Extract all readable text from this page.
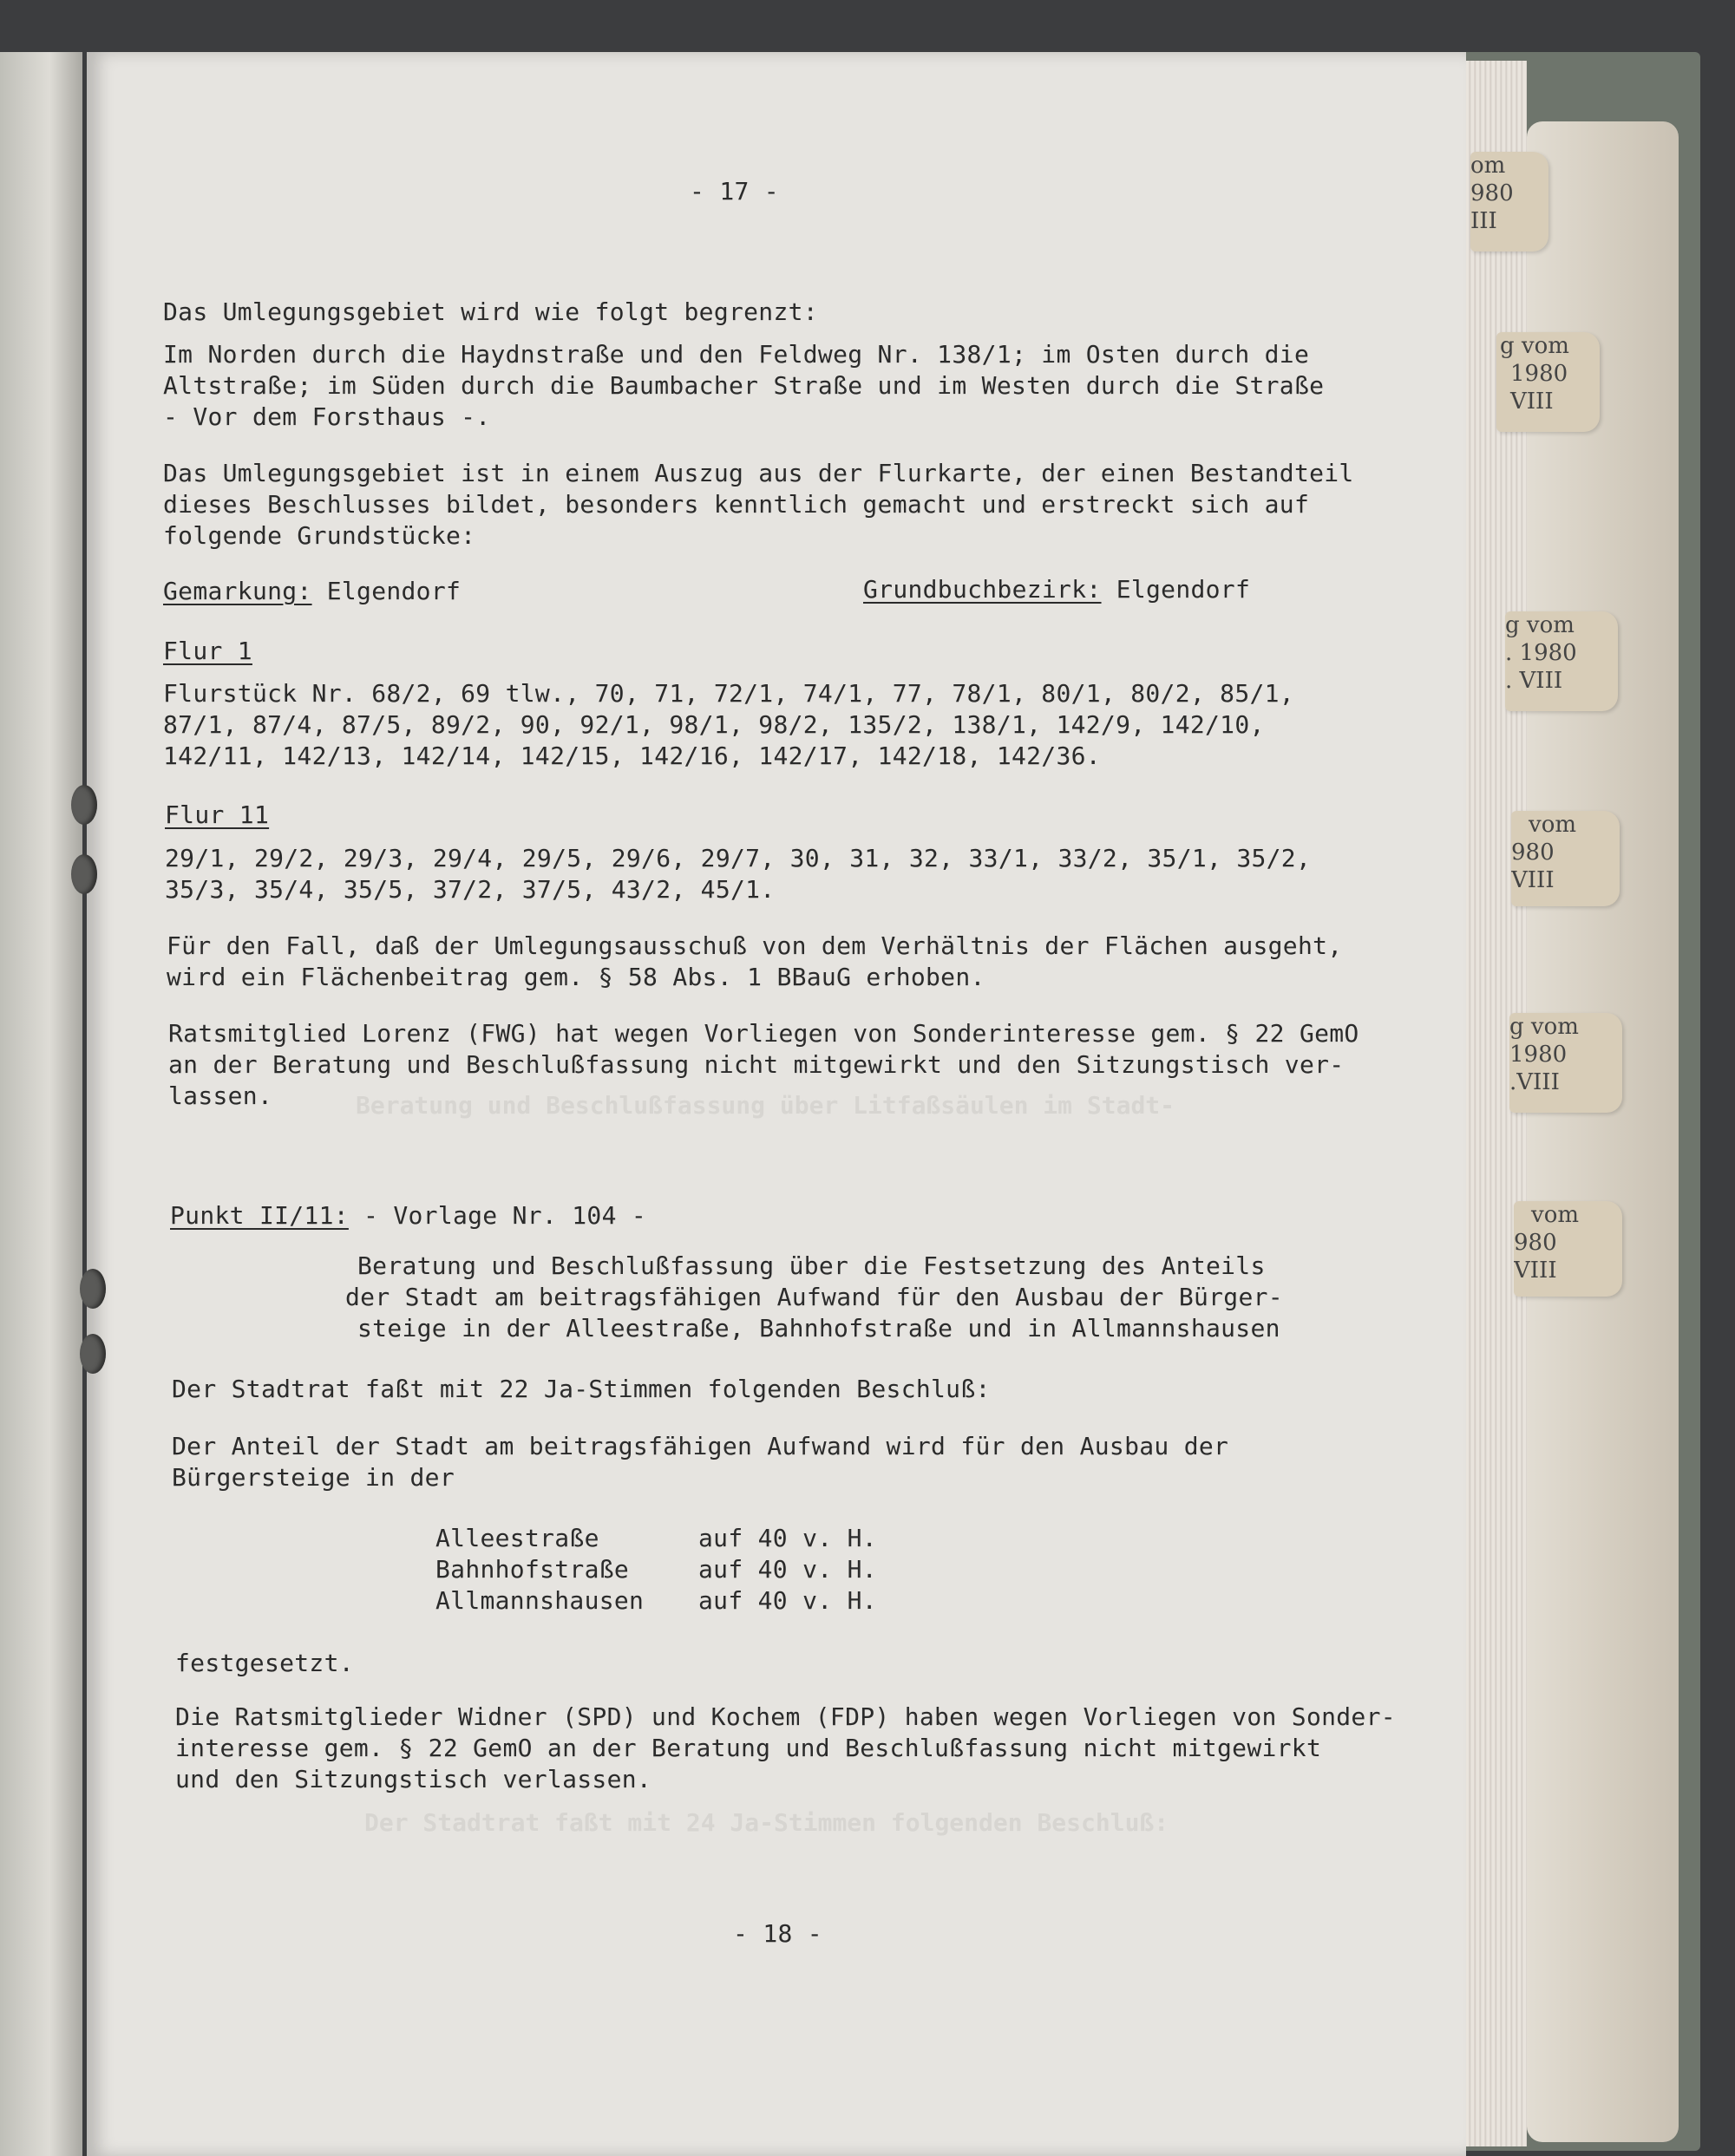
om
980
III
g vom
1980
VIII
g vom
. 1980
. VIII
vom
980
VIII
g vom
1980
.VIII
vom
980
VIII
Beratung und Beschlußfassung über Litfaßsäulen im Stadt-
Der Stadtrat faßt mit 24 Ja-Stimmen folgenden Beschluß:
- 17 -
Das Umlegungsgebiet wird wie folgt begrenzt:
Im Norden durch die Haydnstraße und den Feldweg Nr. 138/1; im Osten durch die
Altstraße; im Süden durch die Baumbacher Straße und im Westen durch die Straße
- Vor dem Forsthaus -.
Das Umlegungsgebiet ist in einem Auszug aus der Flurkarte, der einen Bestandteil
dieses Beschlusses bildet, besonders kenntlich gemacht und erstreckt sich auf
folgende Grundstücke:
Gemarkung: Elgendorf	Grundbuchbezirk: Elgendorf
Flur 1
Flurstück Nr. 68/2, 69 tlw., 70, 71, 72/1, 74/1, 77, 78/1, 80/1, 80/2, 85/1,
87/1, 87/4, 87/5, 89/2, 90, 92/1, 98/1, 98/2, 135/2, 138/1, 142/9, 142/10,
142/11, 142/13, 142/14, 142/15, 142/16, 142/17, 142/18, 142/36.
Flur 11
29/1, 29/2, 29/3, 29/4, 29/5, 29/6, 29/7, 30, 31, 32, 33/1, 33/2, 35/1, 35/2,
35/3, 35/4, 35/5, 37/2, 37/5, 43/2, 45/1.
Für den Fall, daß der Umlegungsausschuß von dem Verhältnis der Flächen ausgeht,
wird ein Flächenbeitrag gem. § 58 Abs. 1 BBauG erhoben.
Ratsmitglied Lorenz (FWG) hat wegen Vorliegen von Sonderinteresse gem. § 22 GemO
an der Beratung und Beschlußfassung nicht mitgewirkt und den Sitzungstisch ver-
lassen.
Punkt II/11: - Vorlage Nr. 104 -
Beratung und Beschlußfassung über die Festsetzung des Anteils
der Stadt am beitragsfähigen Aufwand für den Ausbau der Bürger-
steige in der Alleestraße, Bahnhofstraße und in Allmannshausen
Der Stadtrat faßt mit 22 Ja-Stimmen folgenden Beschluß:
Der Anteil der Stadt am beitragsfähigen Aufwand wird für den Ausbau der
Bürgersteige in der
Alleestraße	auf 40 v. H.
Bahnhofstraße	auf 40 v. H.
Allmannshausen auf 40 v. H.
festgesetzt.
Die Ratsmitglieder Widner (SPD) und Kochem (FDP) haben wegen Vorliegen von Sonder-
interesse gem. § 22 GemO an der Beratung und Beschlußfassung nicht mitgewirkt
und den Sitzungstisch verlassen.
- 18 -
